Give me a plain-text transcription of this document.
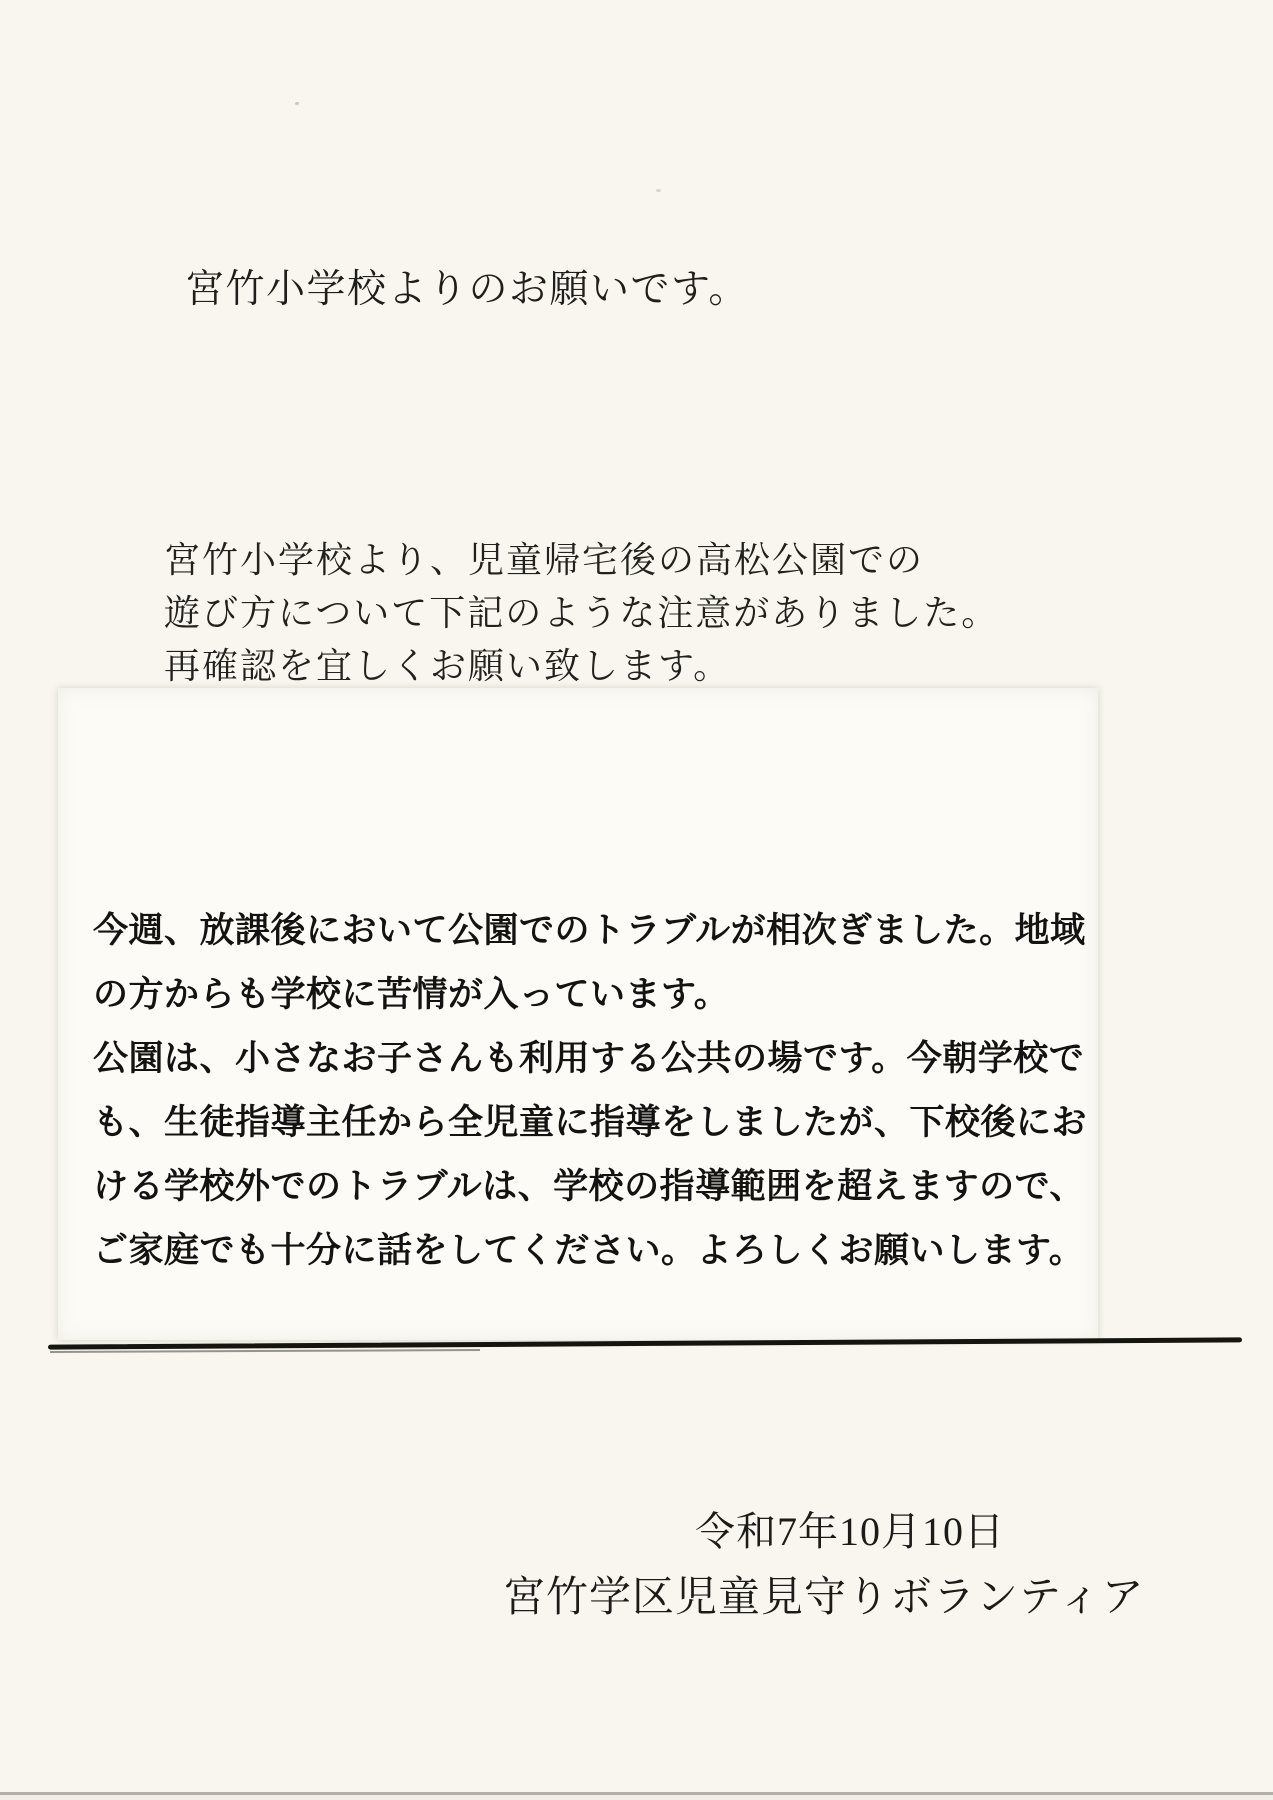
宮竹小学校よりのお願いです。
宮竹小学校より、児童帰宅後の高松公園での
遊び方について下記のような注意がありました。
再確認を宜しくお願い致します。
今週、放課後において公園でのトラブルが相次ぎました。地域
の方からも学校に苦情が入っています。
公園は、小さなお子さんも利用する公共の場です。今朝学校で
も、生徒指導主任から全児童に指導をしましたが、下校後にお
ける学校外でのトラブルは、学校の指導範囲を超えますので、
ご家庭でも十分に話をしてください。よろしくお願いします。
令和7年10月10日
宮竹学区児童見守りボランティア
